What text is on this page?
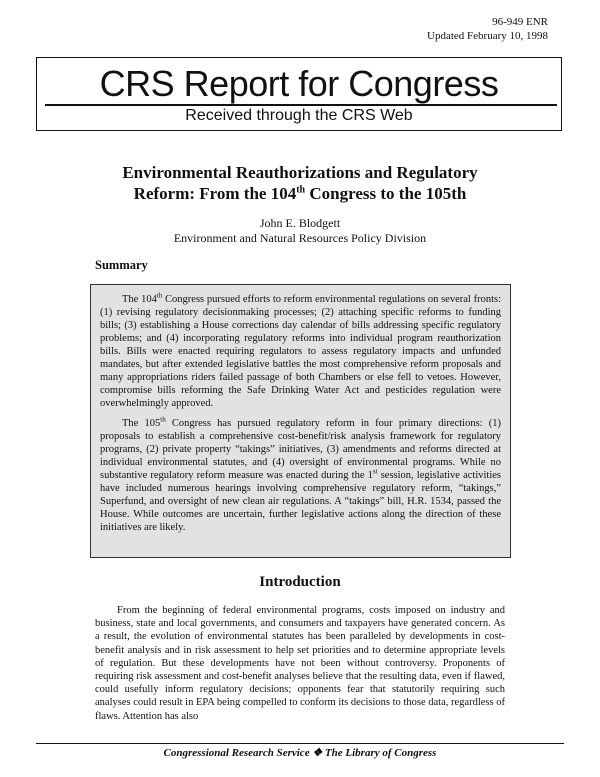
96-949 ENR
Updated February 10, 1998
CRS Report for Congress
Received through the CRS Web
Environmental Reauthorizations and Regulatory
Reform: From the 104th Congress to the 105th
John E. Blodgett
Environment and Natural Resources Policy Division
Summary

The 104th Congress pursued efforts to reform environmental regulations on several fronts: (1) revising regulatory decisionmaking processes; (2) attaching specific reforms to funding bills; (3) establishing a House corrections day calendar of bills addressing specific regulatory problems; and (4) incorporating regulatory reforms into individual program reauthorization bills. Bills were enacted requiring regulators to assess regulatory impacts and unfunded mandates, but after extended legislative battles the most comprehensive reform proposals and many appropriations riders failed passage of both Chambers or else fell to vetoes. However, compromise bills reforming the Safe Drinking Water Act and pesticides regulation were overwhelmingly approved.

The 105th Congress has pursued regulatory reform in four primary directions: (1) proposals to establish a comprehensive cost-benefit/risk analysis framework for regulatory programs, (2) private property “takings” initiatives, (3) amendments and reforms directed at individual environmental statutes, and (4) oversight of environmental programs. While no substantive regulatory reform measure was enacted during the 1st session, legislative activities have included numerous hearings involving comprehensive regulatory reform, “takings,” Superfund, and oversight of new clean air regulations. A “takings” bill, H.R. 1534, passed the House. While outcomes are uncertain, further legislative actions along the direction of these initiatives are likely.

Introduction

From the beginning of federal environmental programs, costs imposed on industry and business, state and local governments, and consumers and taxpayers have generated concern. As a result, the evolution of environmental statutes has been paralleled by developments in cost-benefit analysis and in risk assessment to help set priorities and to determine appropriate levels of regulation. But these developments have not been without controversy. Proponents of requiring risk assessment and cost-benefit analyses believe that the resulting data, even if flawed, could usefully inform regulatory decisions; opponents fear that statutorily requiring such analyses could result in EPA being compelled to conform its decisions to those data, regardless of flaws. Attention has also

Congressional Research Service ❖ The Library of Congress
